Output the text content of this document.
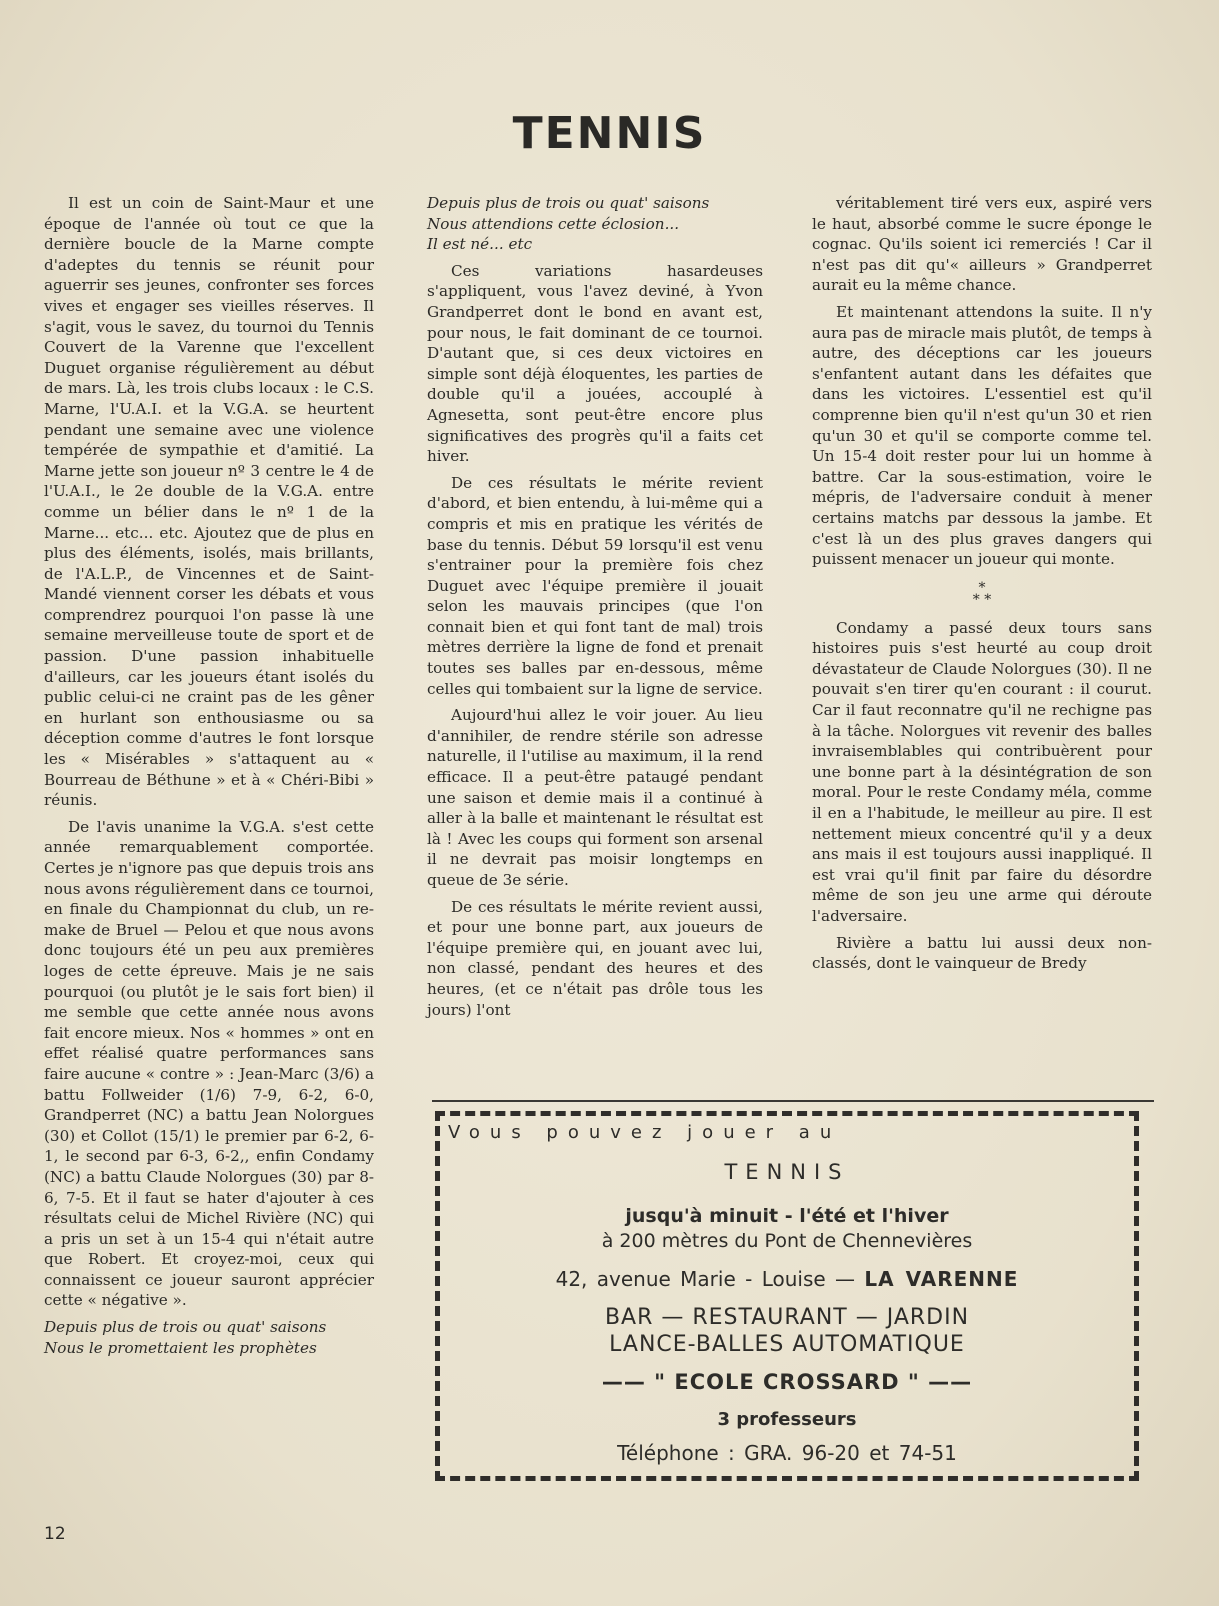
TENNIS

Il est un coin de Saint-Maur et une époque de l'année où tout ce que la dernière boucle de la Marne compte d'adeptes du tennis se réunit pour aguerrir ses jeunes, confronter ses forces vives et engager ses vieilles réserves. Il s'agit, vous le savez, du tournoi du Tennis Couvert de la Varenne que l'excellent Duguet organise régulièrement au début de mars. Là, les trois clubs locaux : le C.S. Marne, l'U.A.I. et la V.G.A. se heurtent pendant une semaine avec une violence tempérée de sympathie et d'amitié. La Marne jette son joueur nº 3 centre le 4 de l'U.A.I., le 2e double de la V.G.A. entre comme un bélier dans le nº 1 de la Marne... etc... etc. Ajoutez que de plus en plus des éléments, isolés, mais brillants, de l'A.L.P., de Vincennes et de Saint-Mandé viennent corser les débats et vous comprendrez pourquoi l'on passe là une semaine merveilleuse toute de sport et de passion. D'une passion inhabituelle d'ailleurs, car les joueurs étant isolés du public celui-ci ne craint pas de les gêner en hurlant son enthousiasme ou sa déception comme d'autres le font lorsque les « Misérables » s'attaquent au « Bourreau de Béthune » et à « Chéri-Bibi » réunis.

De l'avis unanime la V.G.A. s'est cette année remarquablement comportée. Certes je n'ignore pas que depuis trois ans nous avons régulièrement dans ce tournoi, en finale du Championnat du club, un re-make de Bruel — Pelou et que nous avons donc toujours été un peu aux premières loges de cette épreuve. Mais je ne sais pourquoi (ou plutôt je le sais fort bien) il me semble que cette année nous avons fait encore mieux. Nos « hommes » ont en effet réalisé quatre performances sans faire aucune « contre » : Jean-Marc (3/6) a battu Follweider (1/6) 7-9, 6-2, 6-0, Grandperret (NC) a battu Jean Nolorgues (30) et Collot (15/1) le premier par 6-2, 6-1, le second par 6-3, 6-2,, enfin Condamy (NC) a battu Claude Nolorgues (30) par 8-6, 7-5. Et il faut se hater d'ajouter à ces résultats celui de Michel Rivière (NC) qui a pris un set à un 15-4 qui n'était autre que Robert. Et croyez-moi, ceux qui connaissent ce joueur sauront apprécier cette « négative ».

Depuis plus de trois ou quat' saisons
Nous le promettaient les prophètes
Depuis plus de trois ou quat' saisons
Nous attendions cette éclosion...
Il est né... etc

Ces variations hasardeuses s'appliquent, vous l'avez deviné, à Yvon Grandperret dont le bond en avant est, pour nous, le fait dominant de ce tournoi. D'autant que, si ces deux victoires en simple sont déjà éloquentes, les parties de double qu'il a jouées, accouplé à Agnesetta, sont peut-être encore plus significatives des progrès qu'il a faits cet hiver.

De ces résultats le mérite revient d'abord, et bien entendu, à lui-même qui a compris et mis en pratique les vérités de base du tennis. Début 59 lorsqu'il est venu s'entrainer pour la première fois chez Duguet avec l'équipe première il jouait selon les mauvais principes (que l'on connait bien et qui font tant de mal) trois mètres derrière la ligne de fond et prenait toutes ses balles par en-dessous, même celles qui tombaient sur la ligne de service.

Aujourd'hui allez le voir jouer. Au lieu d'annihiler, de rendre stérile son adresse naturelle, il l'utilise au maximum, il la rend efficace. Il a peut-être pataugé pendant une saison et demie mais il a continué à aller à la balle et maintenant le résultat est là ! Avec les coups qui forment son arsenal il ne devrait pas moisir longtemps en queue de 3e série.

De ces résultats le mérite revient aussi, et pour une bonne part, aux joueurs de l'équipe première qui, en jouant avec lui, non classé, pendant des heures et des heures, (et ce n'était pas drôle tous les jours) l'ont

véritablement tiré vers eux, aspiré vers le haut, absorbé comme le sucre éponge le cognac. Qu'ils soient ici remerciés ! Car il n'est pas dit qu'« ailleurs » Grandperret aurait eu la même chance.

Et maintenant attendons la suite. Il n'y aura pas de miracle mais plutôt, de temps à autre, des déceptions car les joueurs s'enfantent autant dans les défaites que dans les victoires. L'essentiel est qu'il comprenne bien qu'il n'est qu'un 30 et rien qu'un 30 et qu'il se comporte comme tel. Un 15-4 doit rester pour lui un homme à battre. Car la sous-estimation, voire le mépris, de l'adversaire conduit à mener certains matchs par dessous la jambe. Et c'est là un des plus graves dangers qui puissent menacer un joueur qui monte.

*
* *

Condamy a passé deux tours sans histoires puis s'est heurté au coup droit dévastateur de Claude Nolorgues (30). Il ne pouvait s'en tirer qu'en courant : il courut. Car il faut reconnatre qu'il ne rechigne pas à la tâche. Nolorgues vit revenir des balles invraisemblables qui contribuèrent pour une bonne part à la désintégration de son moral. Pour le reste Condamy méla, comme il en a l'habitude, le meilleur au pire. Il est nettement mieux concentré qu'il y a deux ans mais il est toujours aussi inappliqué. Il est vrai qu'il finit par faire du désordre même de son jeu une arme qui déroute l'adversaire.

Rivière a battu lui aussi deux non-classés, dont le vainqueur de Bredy

Vous pouvez jouer au
TENNIS
jusqu'à minuit - l'été et l'hiver
à 200 mètres du Pont de Chennevières
42, avenue Marie - Louise — LA VARENNE
BAR — RESTAURANT — JARDIN
LANCE-BALLES AUTOMATIQUE
—— " ECOLE CROSSARD " ——
3 professeurs
Téléphone : GRA. 96-20 et 74-51
12
